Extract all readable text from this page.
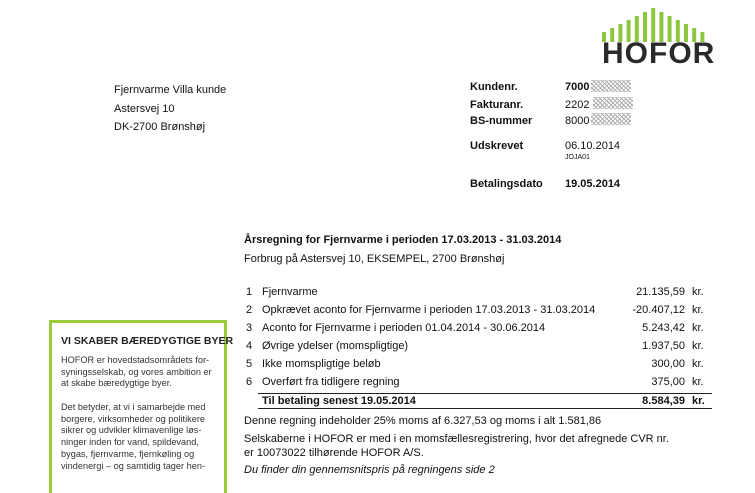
HOFOR
Fjernvarme Villa kunde
Astersvej 10
DK-2700 Brønshøj
Kundenr.	7000
Fakturanr.	2202
BS-nummer	8000
Udskrevet	06.10.2014
JOJA01
Betalingsdato 19.05.2014
Årsregning for Fjernvarme i perioden 17.03.2013 - 31.03.2014
Forbrug på Astersvej 10, EKSEMPEL, 2700 Brønshøj
1 Fjernvarme	21.135,59 kr.
2 Opkrævet aconto for Fjernvarme i perioden 17.03.2013 - 31.03.2014	-20.407,12 kr.
3 Aconto for Fjernvarme i perioden 01.04.2014 - 30.06.2014	5.243,42 kr.
4 Øvrige ydelser (momspligtige)	1.937,50 kr.
5 Ikke momspligtige beløb	300,00 kr.
6 Overført fra tidligere regning	375,00 kr.
Til betaling senest 19.05.2014	8.584,39 kr.
Denne regning indeholder 25% moms af 6.327,53 og moms i alt 1.581,86
Selskaberne i HOFOR er med i en momsfællesregistrering, hvor det afregnede CVR nr.
er 10073022 tilhørende HOFOR A/S.
Du finder din gennemsnitspris på regningens side 2
VI SKABER BÆREDYGTIGE BYER
HOFOR er hovedstadsområdets for-
syningsselskab, og vores ambition er
at skabe bæredygtige byer.
Det betyder, at vi i samarbejde med
borgere, virksomheder og politikere
sikrer og udvikler klimavenlige løs-
ninger inden for vand, spildevand,
bygas, fjernvarme, fjernkøling og
vindenergi – og samtidig tager hen-
